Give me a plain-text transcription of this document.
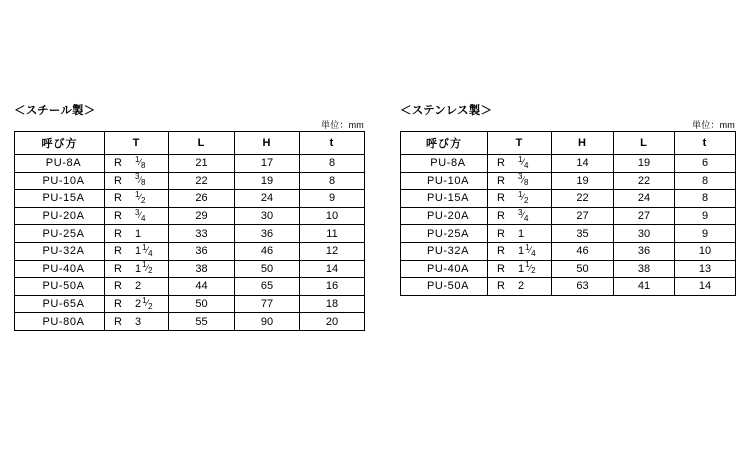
＜スチール製＞
単位：mm
呼び方	T	L	H	t
PU-8A	R 1 ⁄ 8	21	17	8
PU-10A	R 3 ⁄ 8	22	19	8
PU-15A	R 1 ⁄ 2	26	24	9
PU-20A	R 3 ⁄ 4	29	30	10
PU-25A	R 1	33	36	11
PU-32A	R 1 1 ⁄ 4	36	46	12
PU-40A	R 1 1 ⁄ 2	38	50	14
PU-50A	R 2	44	65	16
PU-65A	R 2 1 ⁄ 2	50	77	18
PU-80A	R 3	55	90	20
＜ステンレス製＞
単位：mm
呼び方	T	H	L	t
PU-8A	R 1 ⁄ 4	14	19	6
PU-10A	R 3 ⁄ 8	19	22	8
PU-15A	R 1 ⁄ 2	22	24	8
PU-20A	R 3 ⁄ 4	27	27	9
PU-25A	R 1	35	30	9
PU-32A	R 1 1 ⁄ 4	46	36	10
PU-40A	R 1 1 ⁄ 2	50	38	13
PU-50A	R 2	63	41	14
